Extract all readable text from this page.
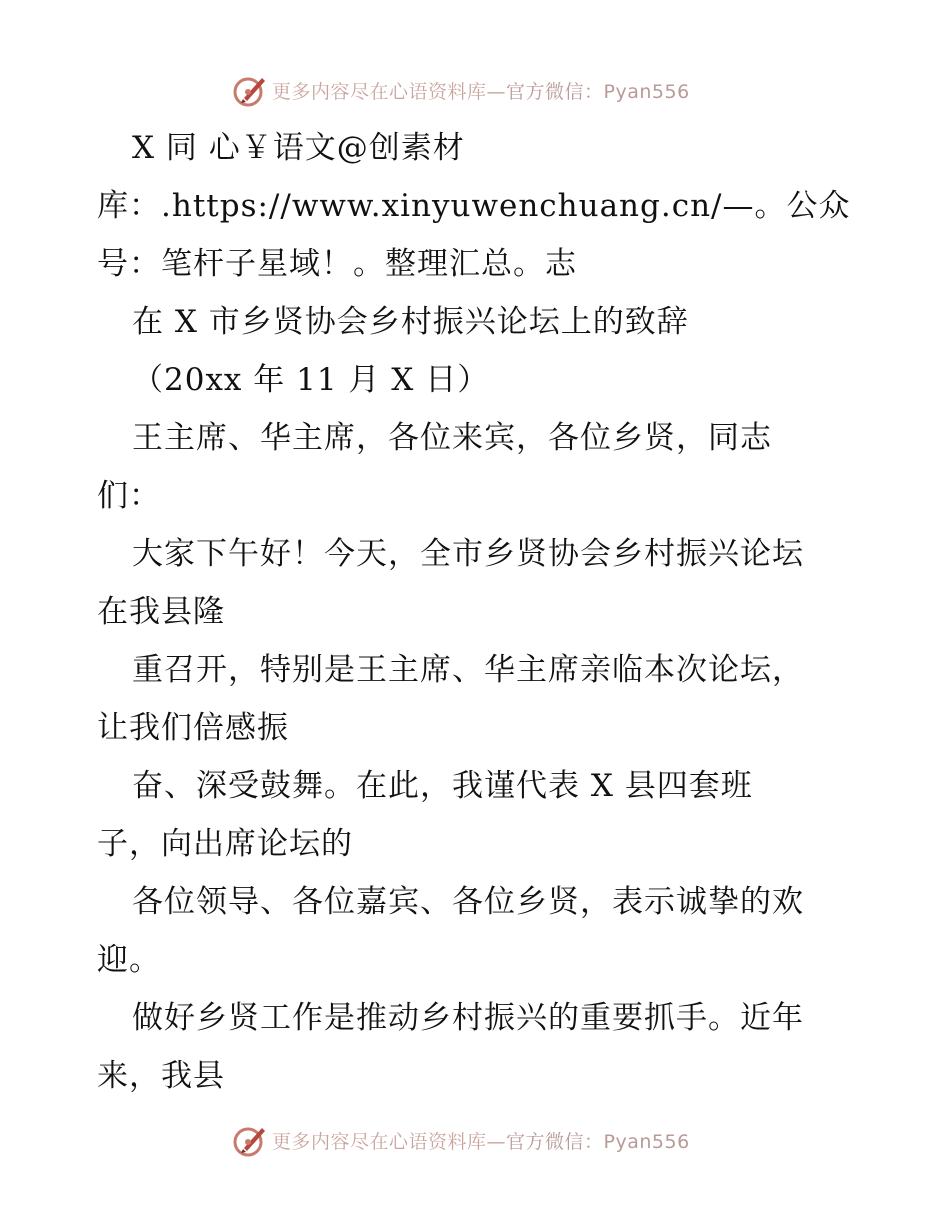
更多内容尽在心语资料库—官方微信：Pyan556
X 同 心￥语文@创素材
库：.https://www.xinyuwenchuang.cn/—。公众
号：笔杆子星域！。整理汇总。志
在 X 市乡贤协会乡村振兴论坛上的致辞
（20xx 年 11 月 X 日）
王主席、华主席，各位来宾，各位乡贤，同志
们：
大家下午好！今天，全市乡贤协会乡村振兴论坛
在我县隆
重召开，特别是王主席、华主席亲临本次论坛，
让我们倍感振
奋、深受鼓舞。在此，我谨代表 X 县四套班
子，向出席论坛的
各位领导、各位嘉宾、各位乡贤，表示诚挚的欢
迎。
做好乡贤工作是推动乡村振兴的重要抓手。近年
来，我县
更多内容尽在心语资料库—官方微信：Pyan556
